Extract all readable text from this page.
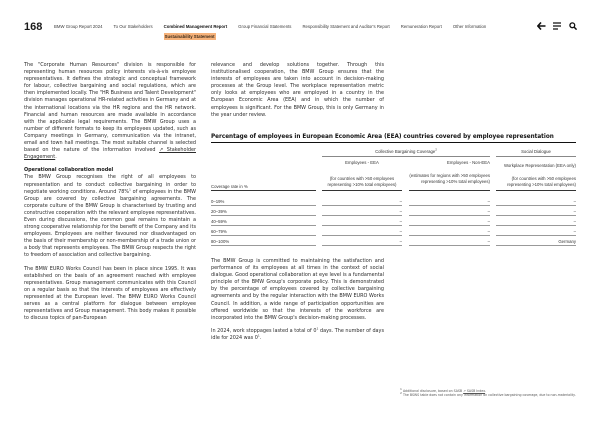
168	BMW Group Report 2024	To Our Stakeholders	Combined Management Report
Sustainability Statement
Group Financial Statements	Responsibility Statement and Auditor's Report	Remuneration Report	Other Information

The "Corporate Human Resources" division is responsible for representing human resources policy interests vis-à-vis employee representatives. It defines the strategic and conceptual framework for labour, collective bargaining and social regulations, which are then implemented locally. The "HR Business and Talent Development" division manages operational HR-related activities in Germany and at the international locations via the HR regions and the HR network. Financial and human resources are made available in accordance with the applicable legal requirements. The BMW Group uses a number of different formats to keep its employees updated, such as Company meetings in Germany, communication via the intranet, email and town hall meetings. The most suitable channel is selected based on the nature of the information involved ↗ Stakeholder Engagement.

Operational collaboration model

The BMW Group recognises the right of all employees to representation and to conduct collective bargaining in order to negotiate working conditions. Around 78%$^1$ of employees in the BMW Group are covered by collective bargaining agreements. The corporate culture of the BMW Group is characterised by trusting and constructive cooperation with the relevant employee representatives. Even during discussions, the common goal remains to maintain a strong cooperative relationship for the benefit of the Company and its employees. Employees are neither favoured nor disadvantaged on the basis of their membership or non-membership of a trade union or a body that represents employees. The BMW Group respects the right to freedom of association and collective bargaining.

The BMW EURO Works Council has been in place since 1995. It was established on the basis of an agreement reached with employee representatives. Group management communicates with this Council on a regular basis so that the interests of employees are effectively represented at the European level. The BMW EURO Works Council serves as a central platform for dialogue between employee representatives and Group management. This body makes it possible to discuss topics of pan-European

relevance and develop solutions together. Through this institutionalised cooperation, the BMW Group ensures that the interests of employees are taken into account in decision-making processes at the Group level. The workplace representation metric only looks at employees who are employed in a country in the European Economic Area (EEA) and in which the number of employees is significant. For the BMW Group, this is only Germany in the year under review.

Percentage of employees in European Economic Area (EEA) countries covered by employee representation
Collective Bargaining Coverage$^2$	Social Dialogue
Employees - EEA
(for countries with >50 employees representing >10% total employees)
Employees - Non-EEA
(estimates for regions with >50 employees representing >10% total employees)
Workplace Representation (EEA only)
(for countries with >50 employees representing >10% total employees)
Coverage rate in %
0–19%	–	–	–
20–39%	–	–	–
40–59%	–	–	–
60–79%	–	–	–
80–100%	–	–	Germany

The BMW Group is committed to maintaining the satisfaction and performance of its employees at all times in the context of social dialogue. Good operational collaboration at eye level is a fundamental principle of the BMW Group's corporate policy. This is demonstrated by the percentage of employees covered by collective bargaining agreements and by the regular interaction with the BMW EURO Works Council. In addition, a wide range of participation opportunities are offered worldwide so that the interests of the workforce are incorporated into the BMW Group's decision-making processes.

In 2024, work stoppages lasted a total of $0^1$ days. The number of days idle for 2024 was $0^1$.

$^1$ Additional disclosure, based on SASB ↗ SASB Index.
$^2$ The BSWS table does not contain any information on collective bargaining coverage, due to non-materiality.
